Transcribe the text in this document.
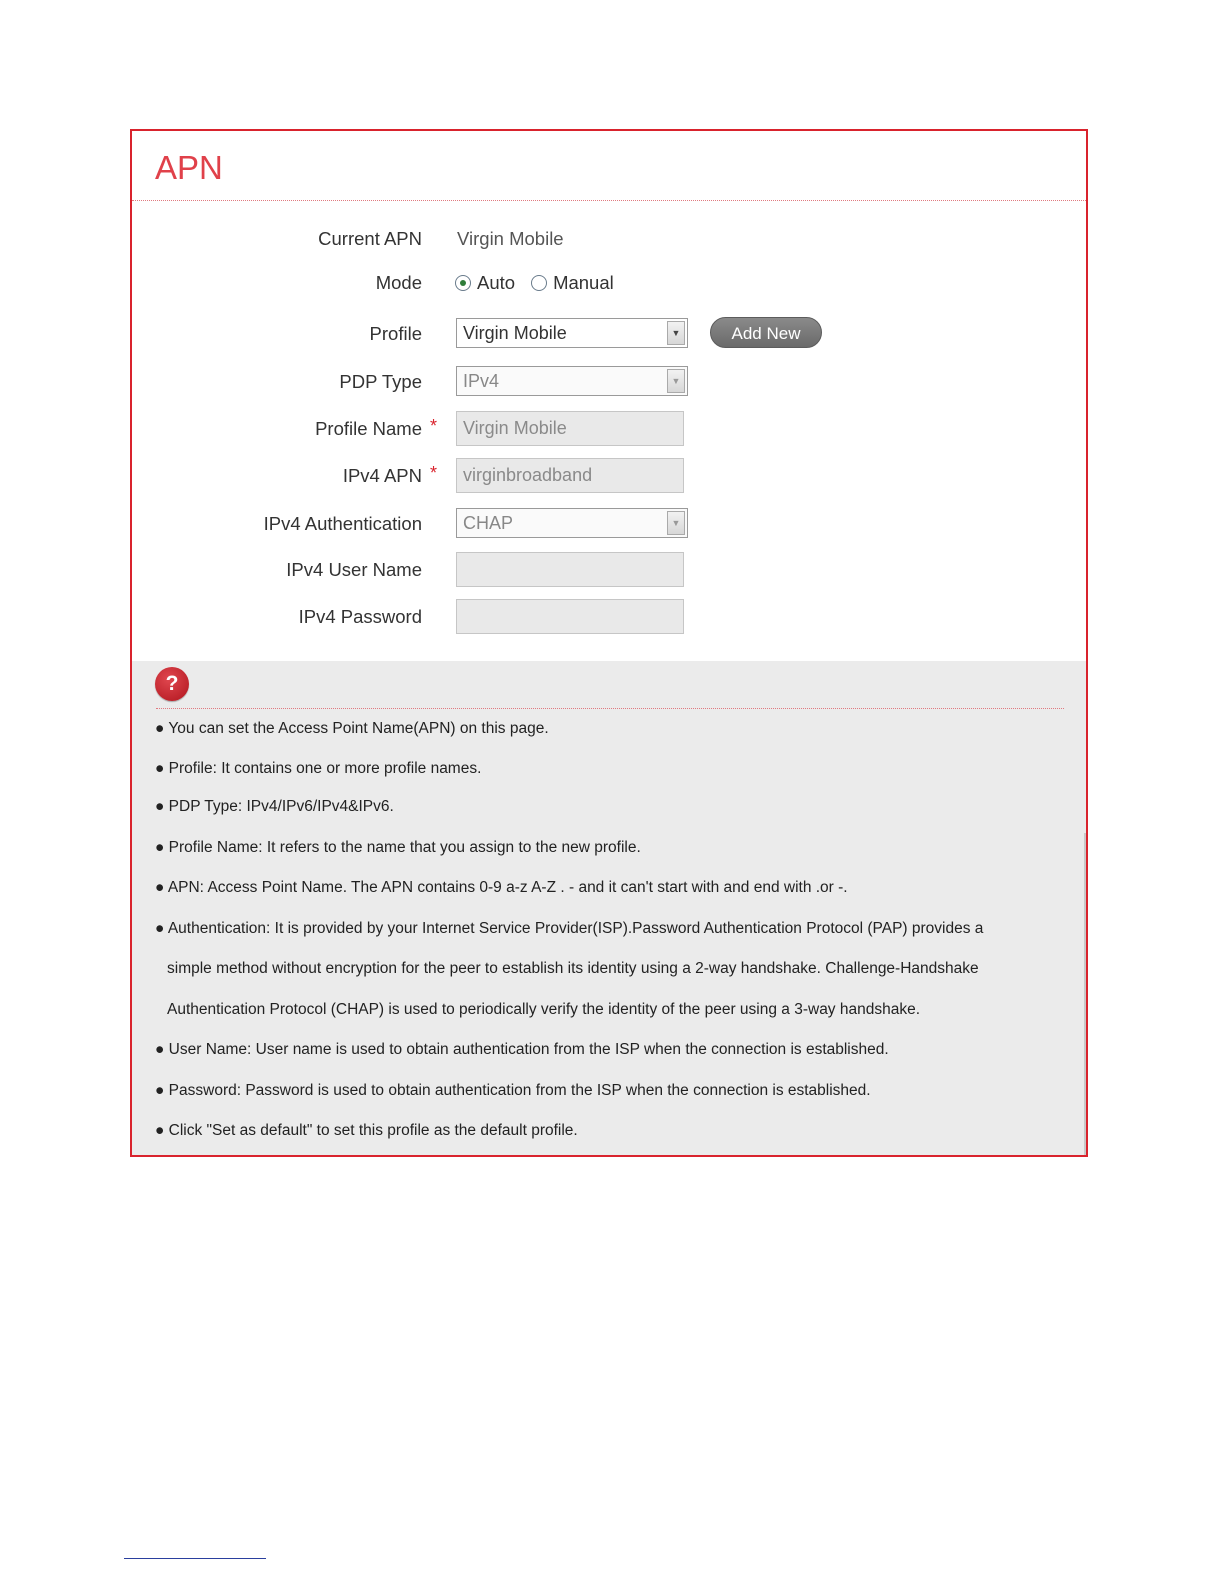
APN
Current APN Virgin Mobile
Mode	Auto Manual
Profile	Virgin Mobile	▼	Add New
PDP Type	IPv4	▼
Profile Name *	Virgin Mobile
IPv4 APN *	virginbroadband
IPv4 Authentication	CHAP	▼
IPv4 User Name
IPv4 Password
?
● You can set the Access Point Name(APN) on this page.
● Profile: It contains one or more profile names.
● PDP Type: IPv4/IPv6/IPv4&IPv6.
● Profile Name: It refers to the name that you assign to the new profile.
● APN: Access Point Name. The APN contains 0-9 a-z A-Z . - and it can't start with and end with .or -.
● Authentication: It is provided by your Internet Service Provider(ISP).Password Authentication Protocol (PAP) provides a
simple method without encryption for the peer to establish its identity using a 2-way handshake. Challenge-Handshake
Authentication Protocol (CHAP) is used to periodically verify the identity of the peer using a 3-way handshake.
● User Name: User name is used to obtain authentication from the ISP when the connection is established.
● Password: Password is used to obtain authentication from the ISP when the connection is established.
● Click "Set as default" to set this profile as the default profile.
